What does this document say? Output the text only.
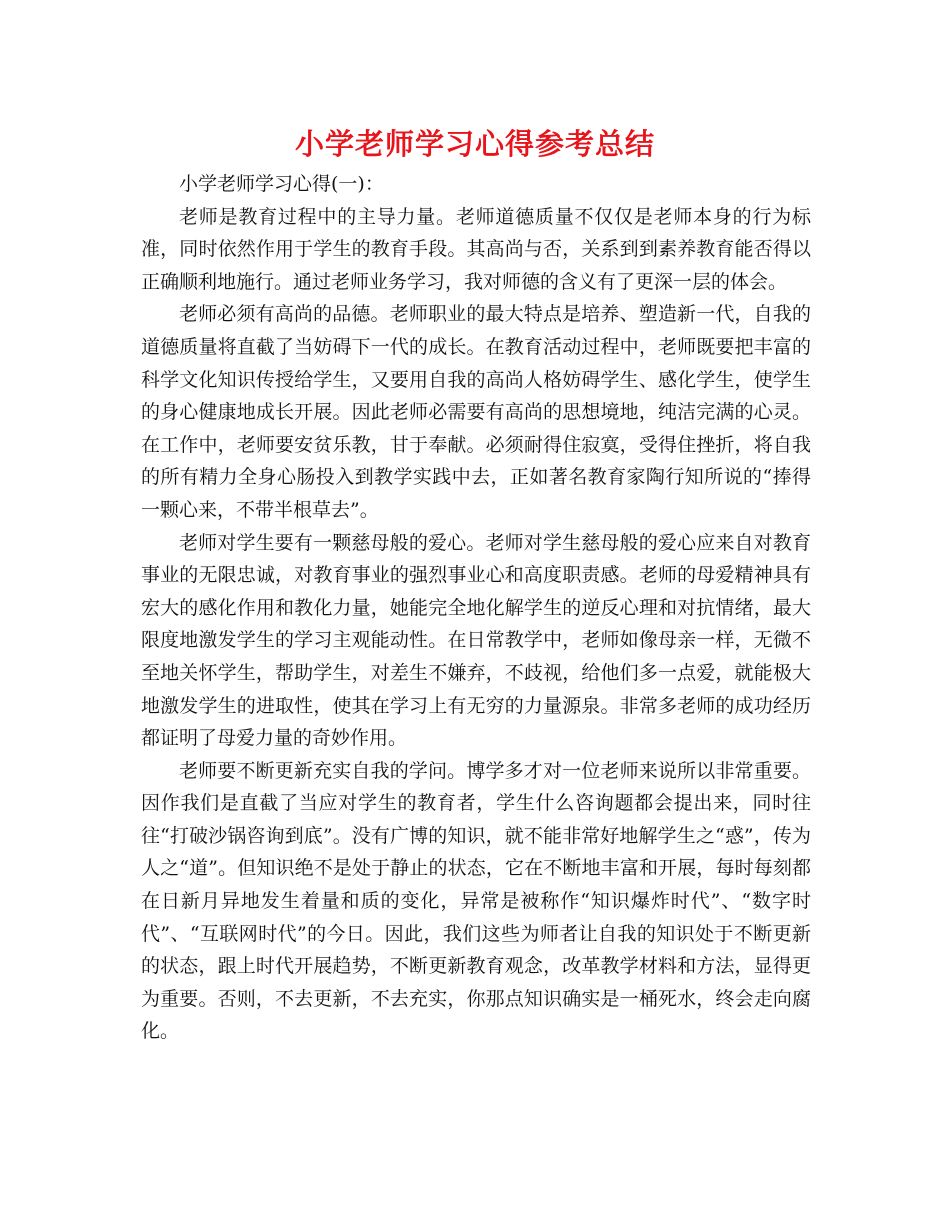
小学老师学习心得参考总结

小学老师学习心得(一)：

老师是教育过程中的主导力量。老师道德质量不仅仅是老师本身的行为标准，同时依然作用于学生的教育手段。其高尚与否，关系到到素养教育能否得以正确顺利地施行。通过老师业务学习，我对师德的含义有了更深一层的体会。

老师必须有高尚的品德。老师职业的最大特点是培养、塑造新一代，自我的道德质量将直截了当妨碍下一代的成长。在教育活动过程中，老师既要把丰富的科学文化知识传授给学生，又要用自我的高尚人格妨碍学生、感化学生，使学生的身心健康地成长开展。因此老师必需要有高尚的思想境地，纯洁完满的心灵。在工作中，老师要安贫乐教，甘于奉献。必须耐得住寂寞，受得住挫折，将自我的所有精力全身心肠投入到教学实践中去，正如著名教育家陶行知所说的“捧得一颗心来，不带半根草去”。

老师对学生要有一颗慈母般的爱心。老师对学生慈母般的爱心应来自对教育事业的无限忠诚，对教育事业的强烈事业心和高度职责感。老师的母爱精神具有宏大的感化作用和教化力量，她能完全地化解学生的逆反心理和对抗情绪，最大限度地激发学生的学习主观能动性。在日常教学中，老师如像母亲一样，无微不至地关怀学生，帮助学生，对差生不嫌弃，不歧视，给他们多一点爱，就能极大地激发学生的进取性，使其在学习上有无穷的力量源泉。非常多老师的成功经历都证明了母爱力量的奇妙作用。

老师要不断更新充实自我的学问。博学多才对一位老师来说所以非常重要。因作我们是直截了当应对学生的教育者，学生什么咨询题都会提出来，同时往往“打破沙锅咨询到底”。没有广博的知识，就不能非常好地解学生之“惑”，传为人之“道”。但知识绝不是处于静止的状态，它在不断地丰富和开展，每时每刻都在日新月异地发生着量和质的变化，异常是被称作“知识爆炸时代”、“数字时代”、“互联网时代”的今日。因此，我们这些为师者让自我的知识处于不断更新的状态，跟上时代开展趋势，不断更新教育观念，改革教学材料和方法，显得更为重要。否则，不去更新，不去充实，你那点知识确实是一桶死水，终会走向腐化。
